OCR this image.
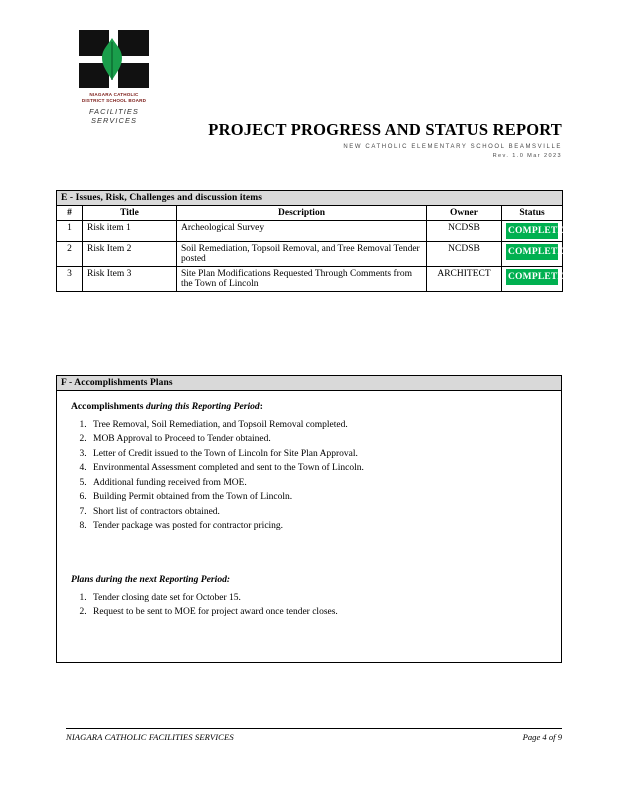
NIAGARA CATHOLIC
DISTRICT SCHOOL BOARD
FACILITIES SERVICES	PROJECT PROGRESS AND STATUS REPORT
NEW CATHOLIC ELEMENTARY SCHOOL BEAMSVILLE
Rev. 1.0 Mar 2023
E - Issues, Risk, Challenges and discussion items				
#	Title	Description	Owner	Status
1	Risk item 1	Archeological Survey	NCDSB	COMPLETE

2	Risk Item 2	Soil Remediation, Topsoil Removal, and Tree Removal Tender posted	NCDSB	COMPLETE

3	Risk Item 3	Site Plan Modifications Requested Through Comments from the Town of Lincoln	ARCHITECT	COMPLETED
F - Accomplishments Plans
Accomplishments during this Reporting Period:
1. Tree Removal, Soil Remediation, and Topsoil Removal completed.
2. MOB Approval to Proceed to Tender obtained.
3. Letter of Credit issued to the Town of Lincoln for Site Plan Approval.
4. Environmental Assessment completed and sent to the Town of Lincoln.
5. Additional funding received from MOE.
6. Building Permit obtained from the Town of Lincoln.
7. Short list of contractors obtained.
8. Tender package was posted for contractor pricing.
Plans during the next Reporting Period:
1. Tender closing date set for October 15.
2. Request to be sent to MOE for project award once tender closes.
NIAGARA CATHOLIC FACILITIES SERVICES	Page 4 of 9
